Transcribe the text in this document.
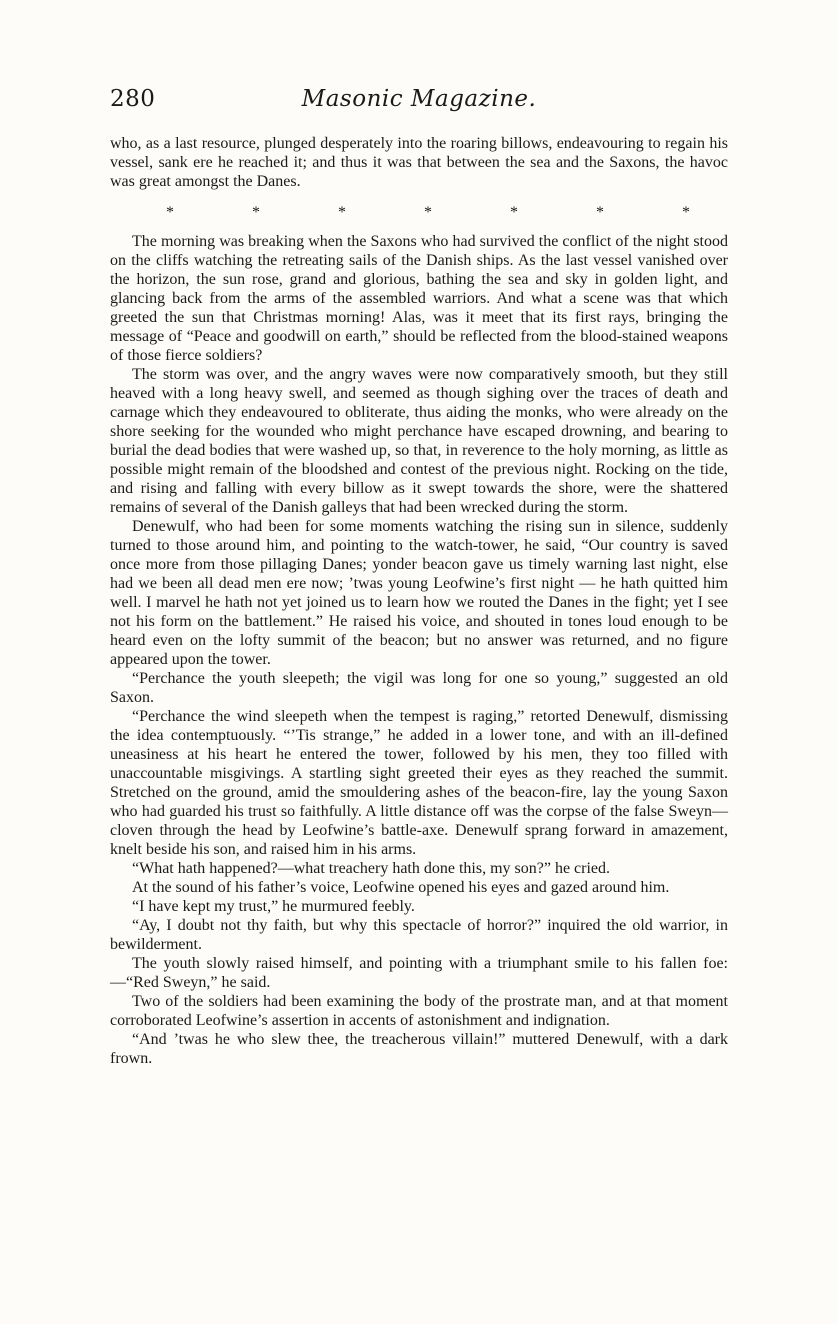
280	Masonic Magazine.

who, as a last resource, plunged desperately into the roaring billows, endeavouring to regain his vessel, sank ere he reached it; and thus it was that between the sea and the Saxons, the havoc was great amongst the Danes.

*	*	*	*	*	*	*

The morning was breaking when the Saxons who had survived the conflict of the night stood on the cliffs watching the retreating sails of the Danish ships. As the last vessel vanished over the horizon, the sun rose, grand and glorious, bathing the sea and sky in golden light, and glancing back from the arms of the assembled warriors. And what a scene was that which greeted the sun that Christmas morning! Alas, was it meet that its first rays, bringing the message of “Peace and goodwill on earth,” should be reflected from the blood-stained weapons of those fierce soldiers?

The storm was over, and the angry waves were now comparatively smooth, but they still heaved with a long heavy swell, and seemed as though sighing over the traces of death and carnage which they endeavoured to obliterate, thus aiding the monks, who were already on the shore seeking for the wounded who might perchance have escaped drowning, and bearing to burial the dead bodies that were washed up, so that, in reverence to the holy morning, as little as possible might remain of the bloodshed and contest of the previous night. Rocking on the tide, and rising and falling with every billow as it swept towards the shore, were the shattered remains of several of the Danish galleys that had been wrecked during the storm.

Denewulf, who had been for some moments watching the rising sun in silence, suddenly turned to those around him, and pointing to the watch-tower, he said, “Our country is saved once more from those pillaging Danes; yonder beacon gave us timely warning last night, else had we been all dead men ere now; ’twas young Leofwine’s first night — he hath quitted him well. I marvel he hath not yet joined us to learn how we routed the Danes in the fight; yet I see not his form on the battlement.” He raised his voice, and shouted in tones loud enough to be heard even on the lofty summit of the beacon; but no answer was returned, and no figure appeared upon the tower.

“Perchance the youth sleepeth; the vigil was long for one so young,” suggested an old Saxon.

“Perchance the wind sleepeth when the tempest is raging,” retorted Denewulf, dismissing the idea contemptuously. “’Tis strange,” he added in a lower tone, and with an ill-defined uneasiness at his heart he entered the tower, followed by his men, they too filled with unaccountable misgivings. A startling sight greeted their eyes as they reached the summit. Stretched on the ground, amid the smouldering ashes of the beacon-fire, lay the young Saxon who had guarded his trust so faithfully. A little distance off was the corpse of the false Sweyn—cloven through the head by Leofwine’s battle-axe. Denewulf sprang forward in amazement, knelt beside his son, and raised him in his arms.

“What hath happened?—what treachery hath done this, my son?” he cried.

At the sound of his father’s voice, Leofwine opened his eyes and gazed around him.

“I have kept my trust,” he murmured feebly.

“Ay, I doubt not thy faith, but why this spectacle of horror?” inquired the old warrior, in bewilderment.

The youth slowly raised himself, and pointing with a triumphant smile to his fallen foe:—“Red Sweyn,” he said.

Two of the soldiers had been examining the body of the prostrate man, and at that moment corroborated Leofwine’s assertion in accents of astonishment and indignation.

“And ’twas he who slew thee, the treacherous villain!” muttered Denewulf, with a dark frown.
